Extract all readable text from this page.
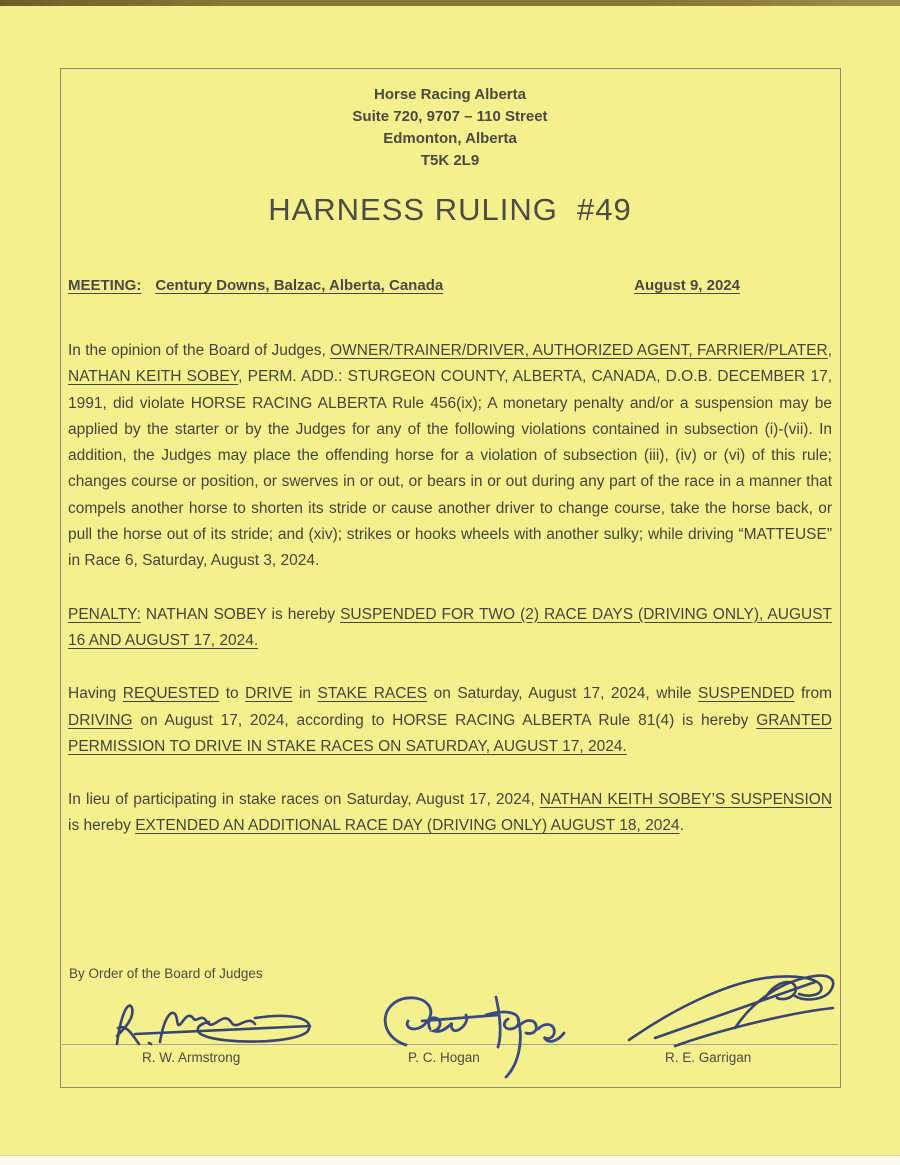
Horse Racing Alberta
Suite 720, 9707 – 110 Street
Edmonton, Alberta
T5K 2L9
HARNESS RULING  #49
MEETING: Century Downs, Balzac, Alberta, Canada	August 9, 2024

In the opinion of the Board of Judges, OWNER/TRAINER/DRIVER, AUTHORIZED AGENT, FARRIER/PLATER, NATHAN KEITH SOBEY, PERM. ADD.: STURGEON COUNTY, ALBERTA, CANADA, D.O.B. DECEMBER 17, 1991, did violate HORSE RACING ALBERTA Rule 456(ix); A monetary penalty and/or a suspension may be applied by the starter or by the Judges for any of the following violations contained in subsection (i)-(vii). In addition, the Judges may place the offending horse for a violation of subsection (iii), (iv) or (vi) of this rule; changes course or position, or swerves in or out, or bears in or out during any part of the race in a manner that compels another horse to shorten its stride or cause another driver to change course, take the horse back, or pull the horse out of its stride; and (xiv); strikes or hooks wheels with another sulky; while driving “MATTEUSE” in Race 6, Saturday, August 3, 2024.

PENALTY: NATHAN SOBEY is hereby SUSPENDED FOR TWO (2) RACE DAYS (DRIVING ONLY), AUGUST 16 AND AUGUST 17, 2024.

Having REQUESTED to DRIVE in STAKE RACES on Saturday, August 17, 2024, while SUSPENDED from DRIVING on August 17, 2024, according to HORSE RACING ALBERTA Rule 81(4) is hereby GRANTED PERMISSION TO DRIVE IN STAKE RACES ON SATURDAY, AUGUST 17, 2024.

In lieu of participating in stake races on Saturday, August 17, 2024, NATHAN KEITH SOBEY’S SUSPENSION is hereby EXTENDED AN ADDITIONAL RACE DAY (DRIVING ONLY) AUGUST 18, 2024.

By Order of the Board of Judges
R. W. Armstrong	P. C. Hogan	R. E. Garrigan
